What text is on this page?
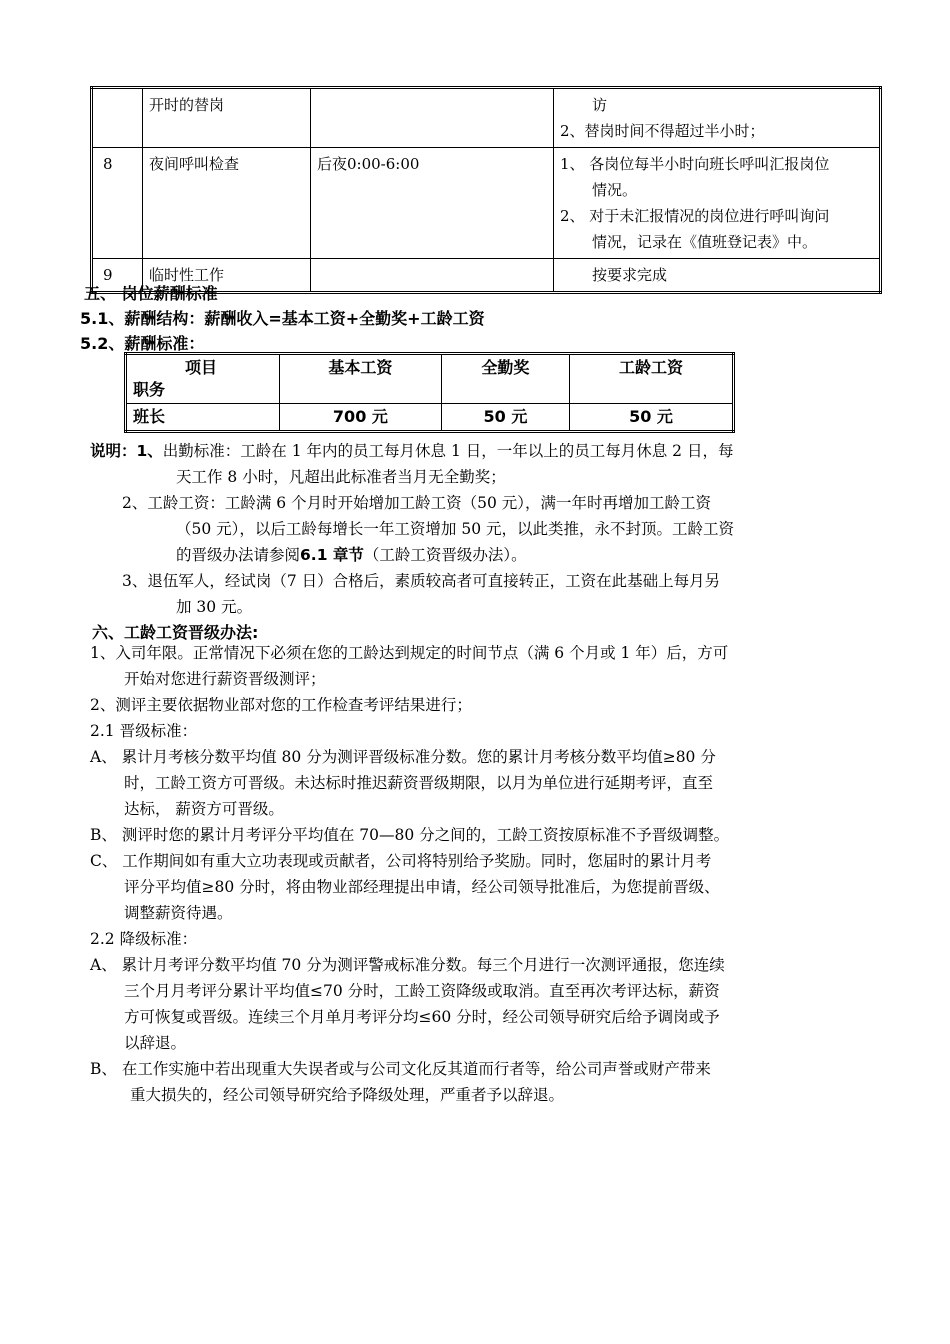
	开时的替岗		访
2、替岗时间不得超过半小时；

8	夜间呼叫检查	后夜0:00-6:00	1、 各岗位每半小时向班长呼叫汇报岗位
情况。
2、 对于未汇报情况的岗位进行呼叫询问
情况，记录在《值班登记表》中。

9	临时性工作		按要求完成
五、 岗位薪酬标准
5.1、薪酬结构：薪酬收入=基本工资+全勤奖+工龄工资
5.2、薪酬标准：
项目
职务	基本工资	全勤奖	工龄工资
班长	700 元	50 元	50 元
说明：1、出勤标准：工龄在 1 年内的员工每月休息 1 日，一年以上的员工每月休息 2 日，每
天工作 8 小时，凡超出此标准者当月无全勤奖；
2、工龄工资：工龄满 6 个月时开始增加工龄工资（50 元），满一年时再增加工龄工资
（50 元），以后工龄每增长一年工资增加 50 元，以此类推，永不封顶。工龄工资
的晋级办法请参阅6.1 章节（工龄工资晋级办法）。
3、退伍军人，经试岗（7 日）合格后，素质较高者可直接转正，工资在此基础上每月另
加 30 元。
六、工龄工资晋级办法:
1、入司年限。正常情况下必须在您的工龄达到规定的时间节点（满 6 个月或 1 年）后，方可
开始对您进行薪资晋级测评；
2、测评主要依据物业部对您的工作检查考评结果进行；
2.1 晋级标准：
A、 累计月考核分数平均值 80 分为测评晋级标准分数。您的累计月考核分数平均值≥80 分
时，工龄工资方可晋级。未达标时推迟薪资晋级期限，以月为单位进行延期考评，直至
达标， 薪资方可晋级。
B、 测评时您的累计月考评分平均值在 70—80 分之间的，工龄工资按原标准不予晋级调整。
C、 工作期间如有重大立功表现或贡献者，公司将特别给予奖励。同时，您届时的累计月考
评分平均值≥80 分时，将由物业部经理提出申请，经公司领导批准后，为您提前晋级、
调整薪资待遇。
2.2 降级标准：
A、 累计月考评分数平均值 70 分为测评警戒标准分数。每三个月进行一次测评通报，您连续
三个月月考评分累计平均值≤70 分时，工龄工资降级或取消。直至再次考评达标，薪资
方可恢复或晋级。连续三个月单月考评分均≤60 分时，经公司领导研究后给予调岗或予
以辞退。
B、 在工作实施中若出现重大失误者或与公司文化反其道而行者等，给公司声誉或财产带来
重大损失的，经公司领导研究给予降级处理，严重者予以辞退。
